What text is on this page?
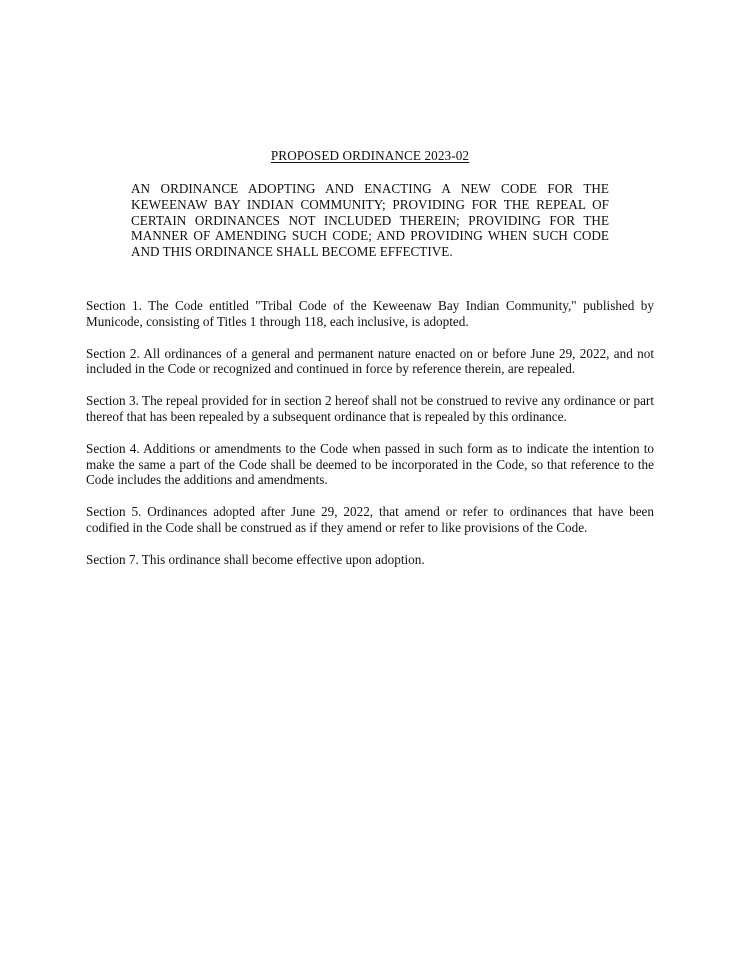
PROPOSED ORDINANCE 2023-02
AN ORDINANCE ADOPTING AND ENACTING A NEW CODE FOR THE KEWEENAW BAY INDIAN COMMUNITY; PROVIDING FOR THE REPEAL OF CERTAIN ORDINANCES NOT INCLUDED THEREIN; PROVIDING FOR THE MANNER OF AMENDING SUCH CODE; AND PROVIDING WHEN SUCH CODE AND THIS ORDINANCE SHALL BECOME EFFECTIVE.

Section 1. The Code entitled "Tribal Code of the Keweenaw Bay Indian Community," published by Municode, consisting of Titles 1 through 118, each inclusive, is adopted.

Section 2. All ordinances of a general and permanent nature enacted on or before June 29, 2022, and not included in the Code or recognized and continued in force by reference therein, are repealed.

Section 3. The repeal provided for in section 2 hereof shall not be construed to revive any ordinance or part thereof that has been repealed by a subsequent ordinance that is repealed by this ordinance.

Section 4. Additions or amendments to the Code when passed in such form as to indicate the intention to make the same a part of the Code shall be deemed to be incorporated in the Code, so that reference to the Code includes the additions and amendments.

Section 5. Ordinances adopted after June 29, 2022, that amend or refer to ordinances that have been codified in the Code shall be construed as if they amend or refer to like provisions of the Code.

Section 7. This ordinance shall become effective upon adoption.
